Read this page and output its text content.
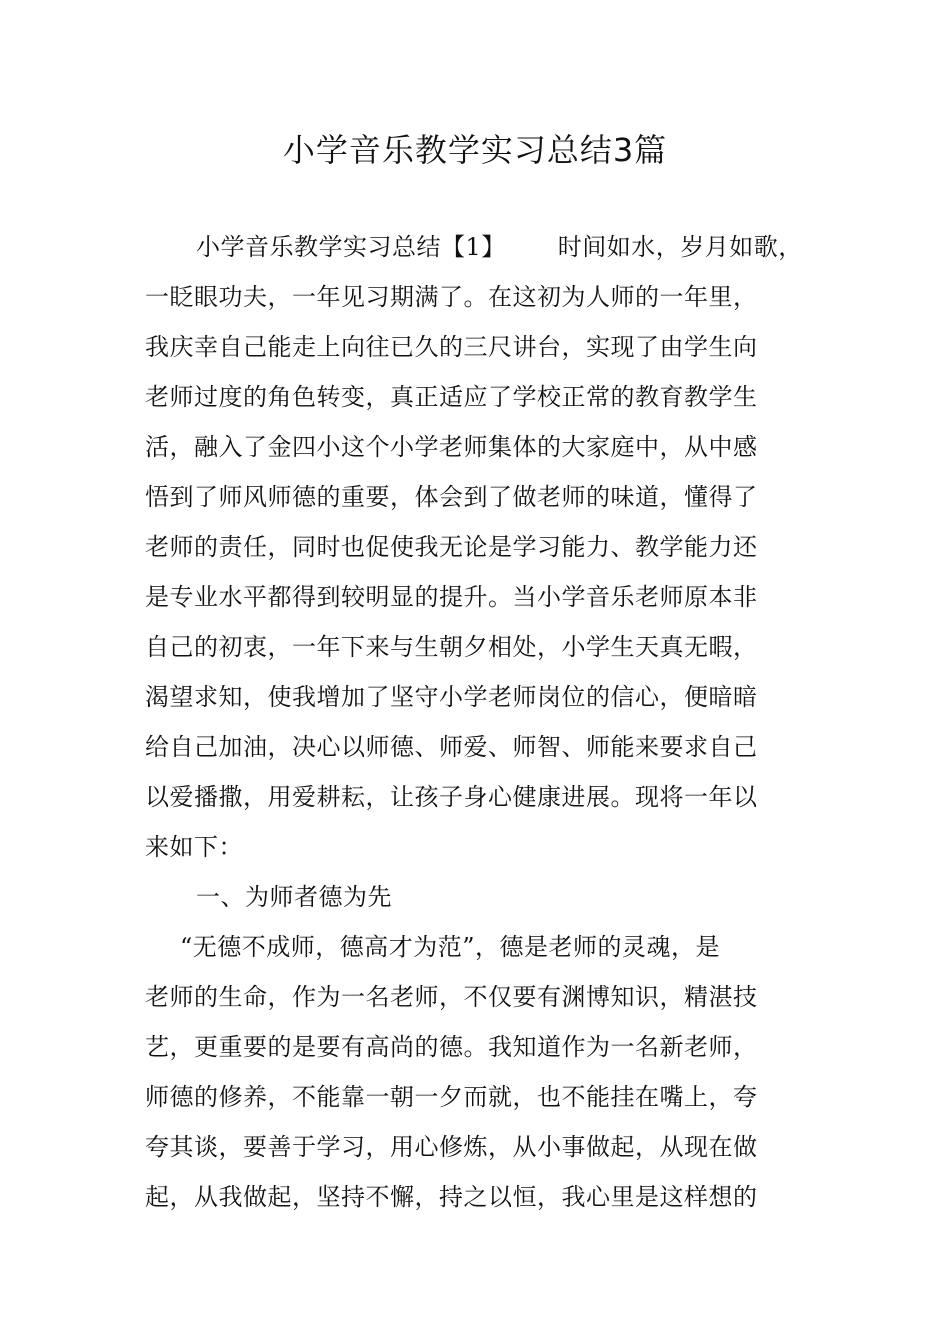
小学音乐教学实习总结3篇
小学音乐教学实习总结【1】 时间如水，岁月如歌，
一眨眼功夫，一年见习期满了。在这初为人师的一年里，
我庆幸自己能走上向往已久的三尺讲台，实现了由学生向
老师过度的角色转变，真正适应了学校正常的教育教学生
活，融入了金四小这个小学老师集体的大家庭中，从中感
悟到了师风师德的重要，体会到了做老师的味道，懂得了
老师的责任，同时也促使我无论是学习能力、教学能力还
是专业水平都得到较明显的提升。当小学音乐老师原本非
自己的初衷，一年下来与生朝夕相处，小学生天真无暇，
渴望求知，使我增加了坚守小学老师岗位的信心，便暗暗
给自己加油，决心以师德、师爱、师智、师能来要求自己
以爱播撒，用爱耕耘，让孩子身心健康进展。现将一年以
来如下：
一、为师者德为先
“无德不成师，德高才为范”，德是老师的灵魂，是
老师的生命，作为一名老师，不仅要有渊博知识，精湛技
艺，更重要的是要有高尚的德。我知道作为一名新老师，
师德的修养，不能靠一朝一夕而就，也不能挂在嘴上，夸
夸其谈，要善于学习，用心修炼，从小事做起，从现在做
起，从我做起，坚持不懈，持之以恒，我心里是这样想的
